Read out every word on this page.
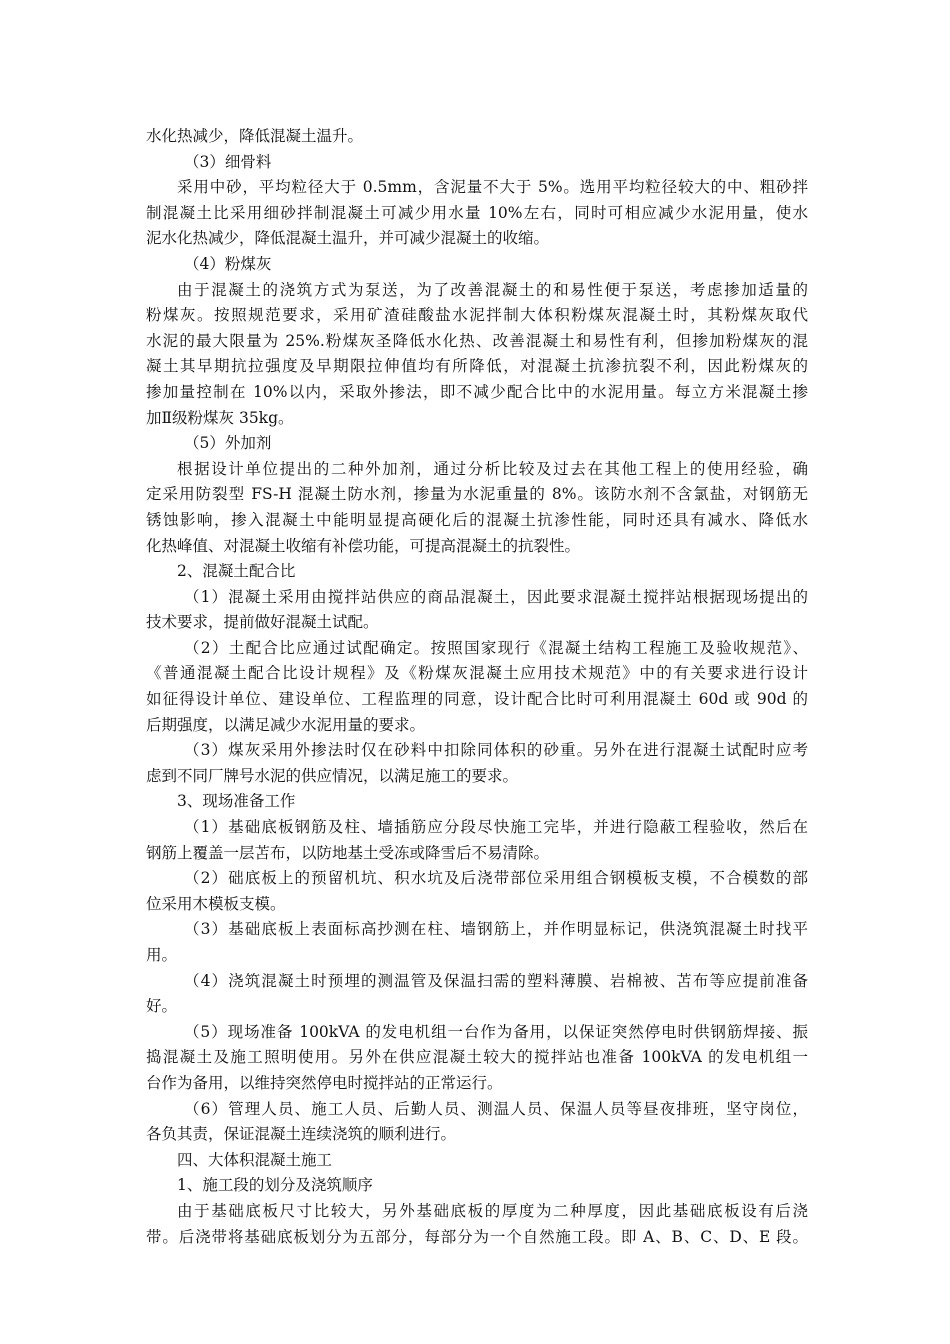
水化热减少，降低混凝土温升。
（3）细骨料
采用中砂，平均粒径大于 0.5mm，含泥量不大于 5%。选用平均粒径较大的中、粗砂拌
制混凝土比采用细砂拌制混凝土可减少用水量 10%左右，同时可相应减少水泥用量，使水
泥水化热减少，降低混凝土温升，并可减少混凝土的收缩。
（4）粉煤灰
由于混凝土的浇筑方式为泵送，为了改善混凝土的和易性便于泵送，考虑掺加适量的
粉煤灰。按照规范要求，采用矿渣硅酸盐水泥拌制大体积粉煤灰混凝土时，其粉煤灰取代
水泥的最大限量为 25%.粉煤灰圣降低水化热、改善混凝土和易性有利，但掺加粉煤灰的混
凝土其早期抗拉强度及早期限拉伸值均有所降低，对混凝土抗渗抗裂不利，因此粉煤灰的
掺加量控制在 10%以内，采取外掺法，即不减少配合比中的水泥用量。每立方米混凝土掺
加Ⅱ级粉煤灰 35kg。
（5）外加剂
根据设计单位提出的二种外加剂，通过分析比较及过去在其他工程上的使用经验，确
定采用防裂型 FS-H 混凝土防水剂，掺量为水泥重量的 8%。该防水剂不含氯盐，对钢筋无
锈蚀影响，掺入混凝土中能明显提高硬化后的混凝土抗渗性能，同时还具有减水、降低水
化热峰值、对混凝土收缩有补偿功能，可提高混凝土的抗裂性。
2、混凝土配合比
（1）混凝土采用由搅拌站供应的商品混凝土，因此要求混凝土搅拌站根据现场提出的
技术要求，提前做好混凝土试配。
（2）土配合比应通过试配确定。按照国家现行《混凝土结构工程施工及验收规范》、
《普通混凝土配合比设计规程》及《粉煤灰混凝土应用技术规范》中的有关要求进行设计
如征得设计单位、建设单位、工程监理的同意，设计配合比时可利用混凝土 60d 或 90d 的
后期强度，以满足减少水泥用量的要求。
（3）煤灰采用外掺法时仅在砂料中扣除同体积的砂重。另外在进行混凝土试配时应考
虑到不同厂牌号水泥的供应情况，以满足施工的要求。
3、现场准备工作
（1）基础底板钢筋及柱、墙插筋应分段尽快施工完毕，并进行隐蔽工程验收，然后在
钢筋上覆盖一层苫布，以防地基土受冻或降雪后不易清除。
（2）础底板上的预留机坑、积水坑及后浇带部位采用组合钢模板支模，不合模数的部
位采用木模板支模。
（3）基础底板上表面标高抄测在柱、墙钢筋上，并作明显标记，供浇筑混凝土时找平
用。
（4）浇筑混凝土时预埋的测温管及保温扫需的塑料薄膜、岩棉被、苫布等应提前准备
好。
（5）现场准备 100kVA 的发电机组一台作为备用，以保证突然停电时供钢筋焊接、振
捣混凝土及施工照明使用。另外在供应混凝土较大的搅拌站也准备 100kVA 的发电机组一
台作为备用，以维持突然停电时搅拌站的正常运行。
（6）管理人员、施工人员、后勤人员、测温人员、保温人员等昼夜排班，坚守岗位，
各负其责，保证混凝土连续浇筑的顺利进行。
四、大体积混凝土施工
1、施工段的划分及浇筑顺序
由于基础底板尺寸比较大，另外基础底板的厚度为二种厚度，因此基础底板设有后浇
带。后浇带将基础底板划分为五部分，每部分为一个自然施工段。即 A、B、C、D、E 段。
